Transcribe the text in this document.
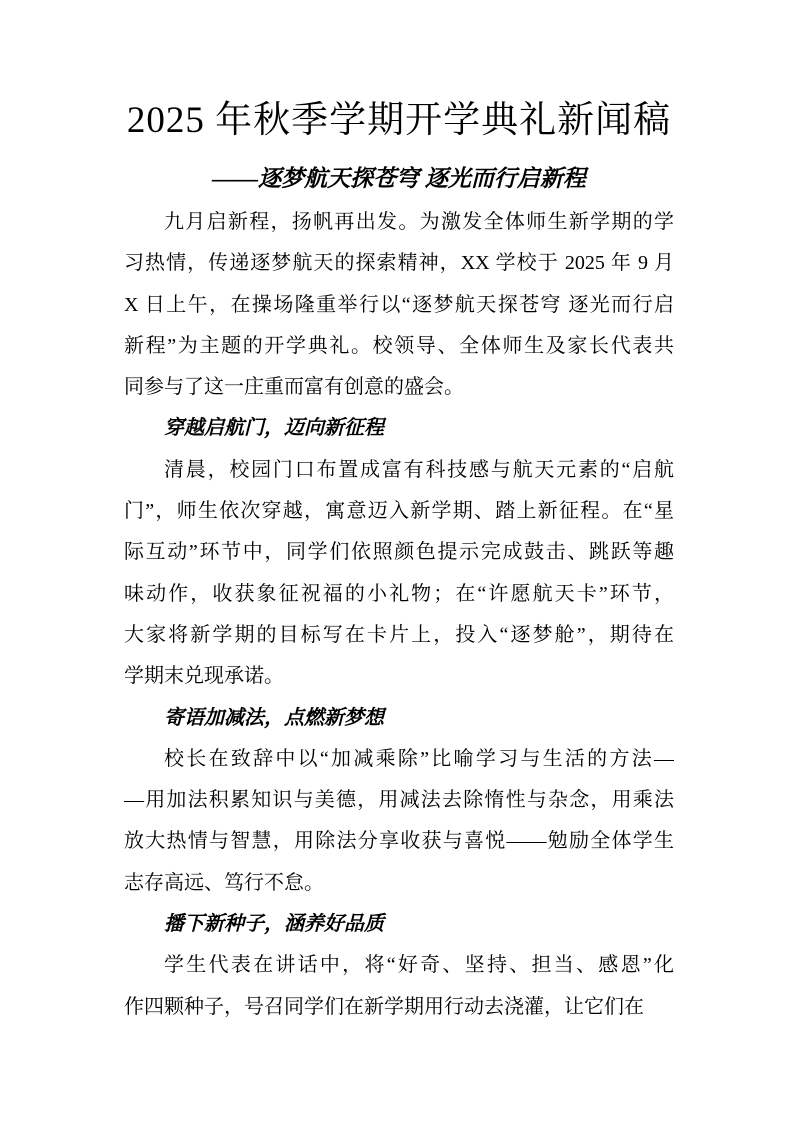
2025 年秋季学期开学典礼新闻稿
——逐梦航天探苍穹 逐光而行启新程
九月启新程，扬帆再出发。为激发全体师生新学期的学
习热情，传递逐梦航天的探索精神，XX 学校于 2025 年 9 月
X 日上午，在操场隆重举行以“逐梦航天探苍穹 逐光而行启
新程”为主题的开学典礼。校领导、全体师生及家长代表共
同参与了这一庄重而富有创意的盛会。
穿越启航门，迈向新征程
清晨，校园门口布置成富有科技感与航天元素的“启航
门”，师生依次穿越，寓意迈入新学期、踏上新征程。在“星
际互动”环节中，同学们依照颜色提示完成鼓击、跳跃等趣
味动作，收获象征祝福的小礼物；在“许愿航天卡”环节，
大家将新学期的目标写在卡片上，投入“逐梦舱”，期待在
学期末兑现承诺。
寄语加减法，点燃新梦想
校长在致辞中以“加减乘除”比喻学习与生活的方法—
—用加法积累知识与美德，用减法去除惰性与杂念，用乘法
放大热情与智慧，用除法分享收获与喜悦——勉励全体学生
志存高远、笃行不怠。
播下新种子，涵养好品质
学生代表在讲话中，将“好奇、坚持、担当、感恩”化
作四颗种子，号召同学们在新学期用行动去浇灌，让它们在
